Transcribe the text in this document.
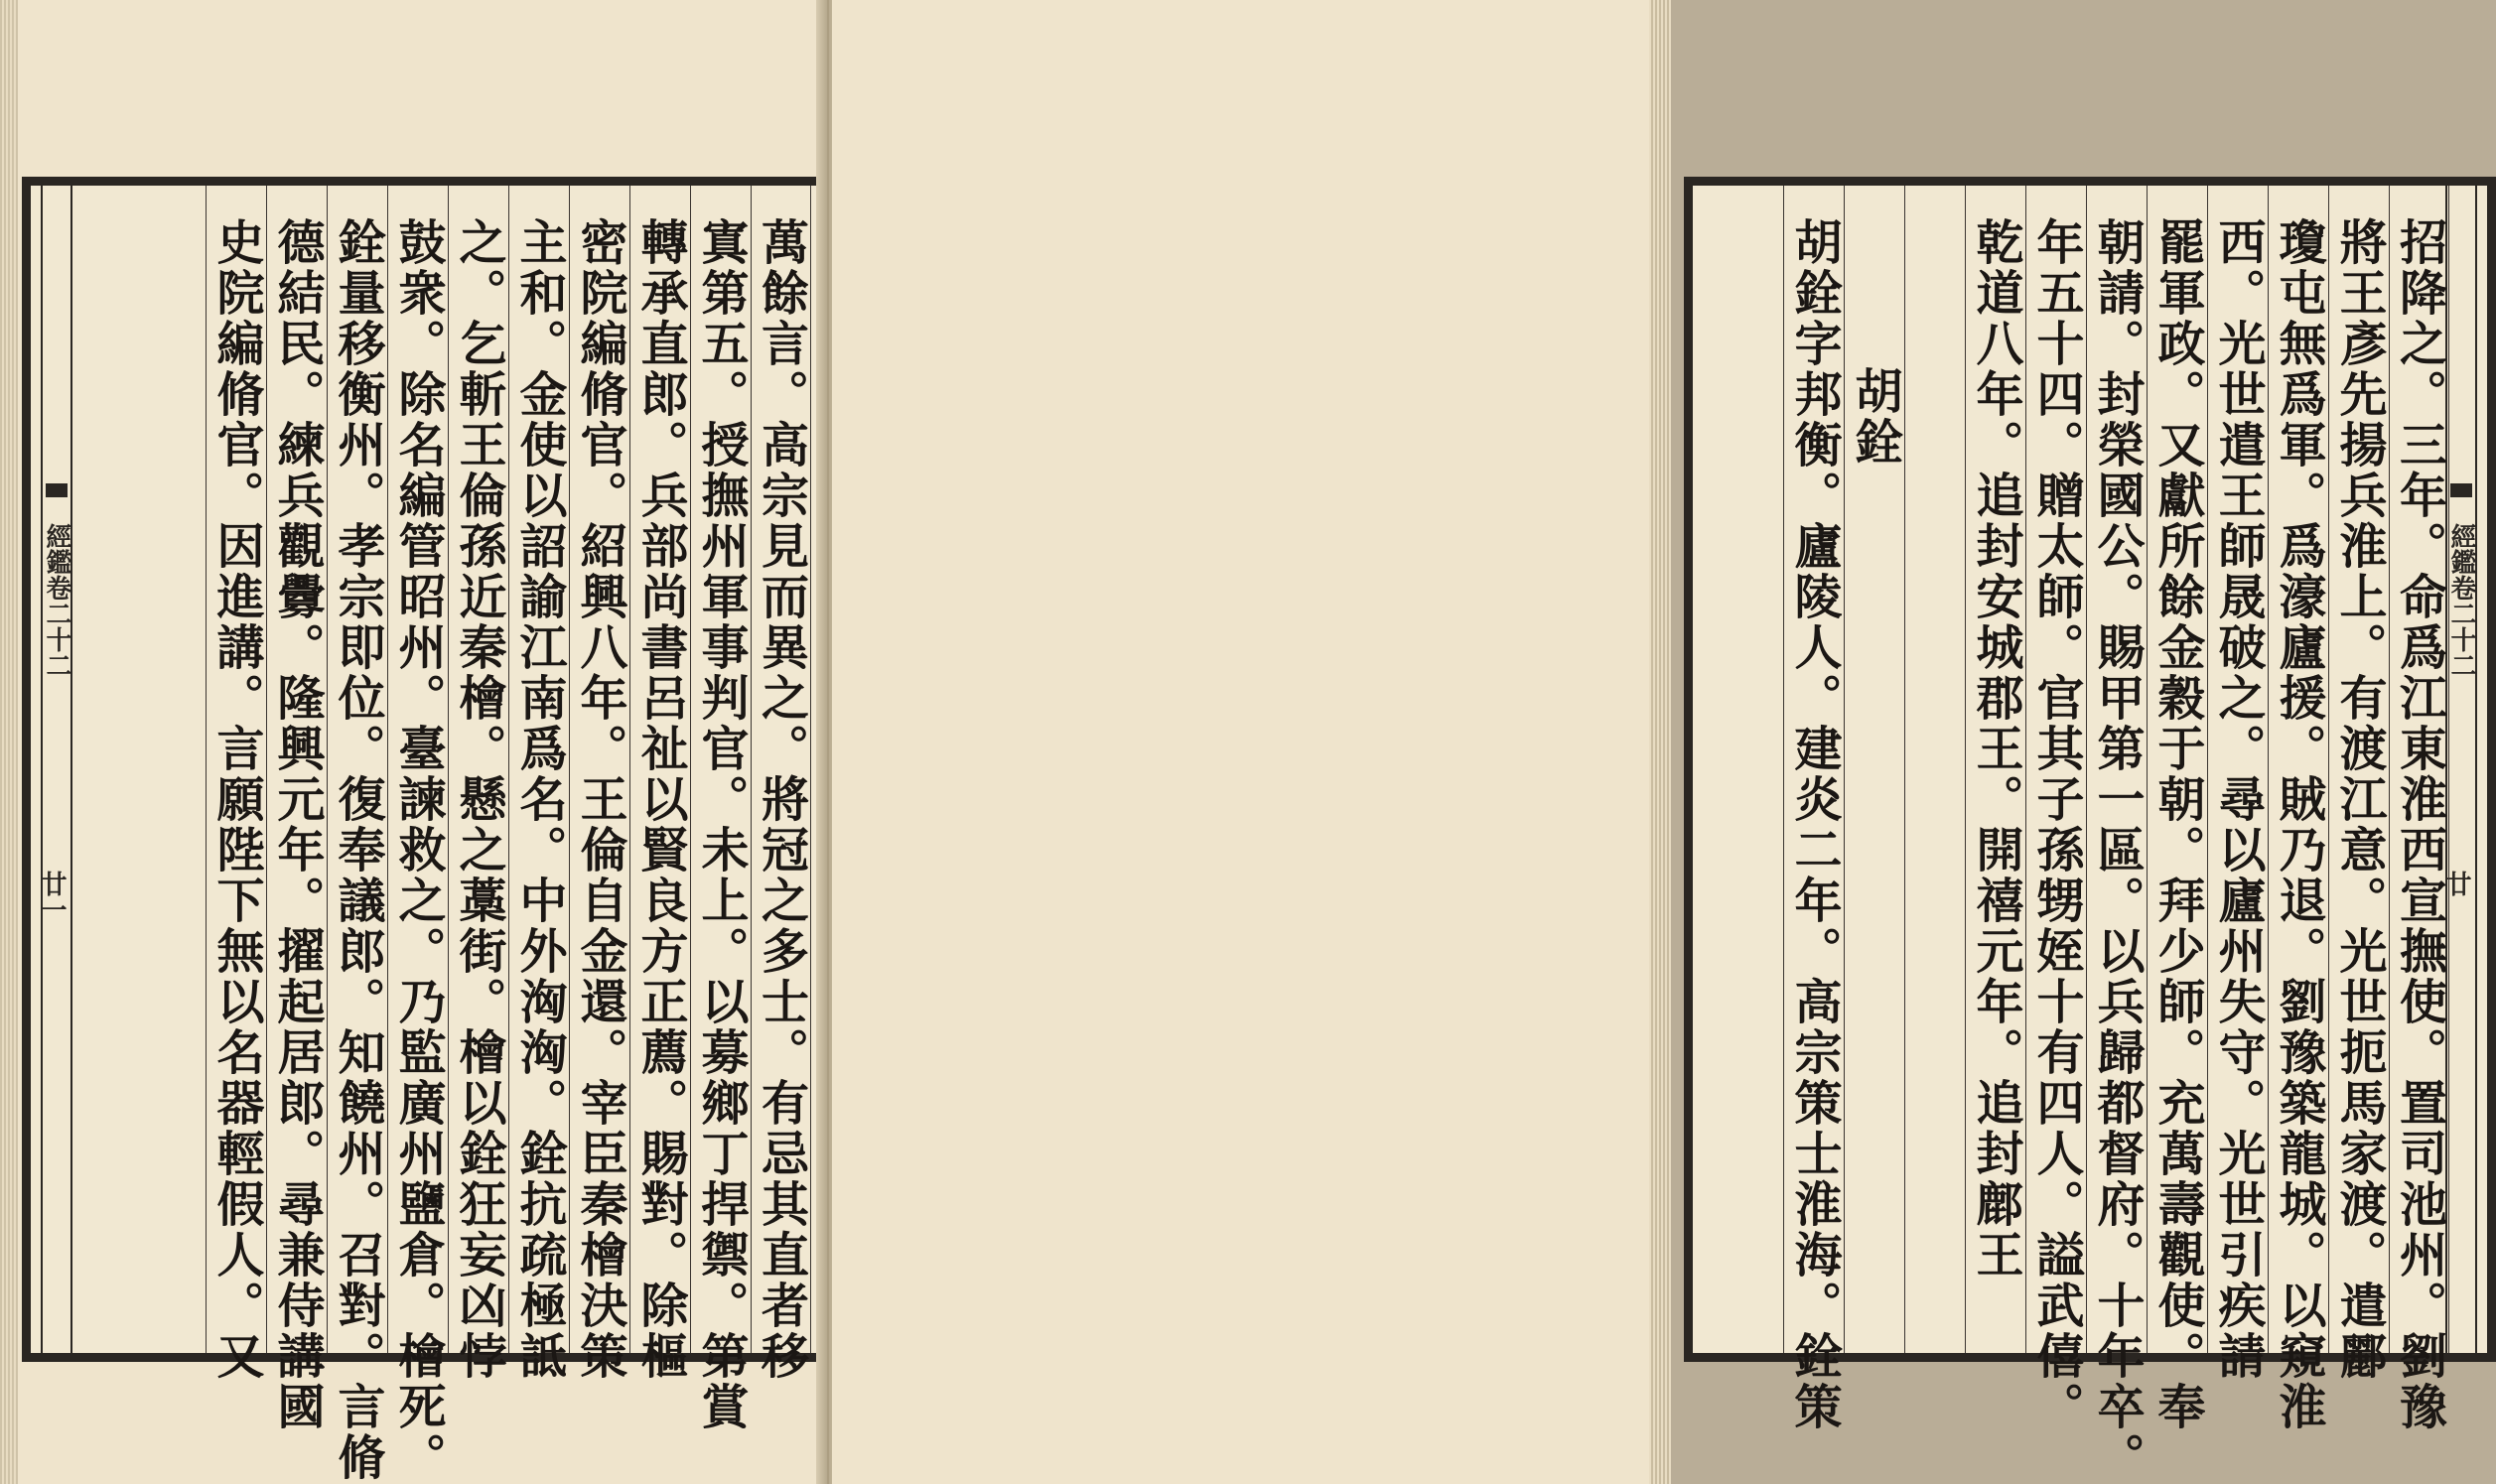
經鑑卷二十二
廿一	萬餘言。高宗見而異之。將冠之多士。有忌其直者移
寘第五。授撫州軍事判官。未上。以募鄉丁捍禦。第賞
轉承直郎。兵部尚書呂祉以賢良方正薦。賜對。除樞
密院編脩官。紹興八年。王倫自金還。宰臣秦檜決策
主和。金使以詔諭江南爲名。中外洶洶。銓抗疏極詆
之。乞斬王倫孫近秦檜。懸之藁街。檜以銓狂妄凶悖
鼓衆。除名編管昭州。臺諫救之。乃監廣州鹽倉。檜死。
銓量移衡州。孝宗即位。復奉議郎。知饒州。召對。言脩
德結民。練兵觀釁。隆興元年。擢起居郎。尋兼侍講國
史院編脩官。因進講。言願陛下無以名器輕假人。又	經鑑卷二十二
廿
招降之。三年。命爲江東淮西宣撫使。置司池州。劉豫
將王彥先揚兵淮上。有渡江意。光世扼馬家渡。遣酈
瓊屯無爲軍。爲濠廬援。賊乃退。劉豫築龍城。以窺淮
西。光世遣王師晟破之。尋以廬州失守。光世引疾請
罷軍政。又獻所餘金穀于朝。拜少師。充萬壽觀使。奉
朝請。封榮國公。賜甲第一區。以兵歸都督府。十年卒。
年五十四。贈太師。官其子孫甥姪十有四人。謚武僖。
乾道八年。追封安城郡王。開禧元年。追封鄜王
胡銓
胡銓字邦衡。廬陵人。建炎二年。高宗策士淮海。銓策
